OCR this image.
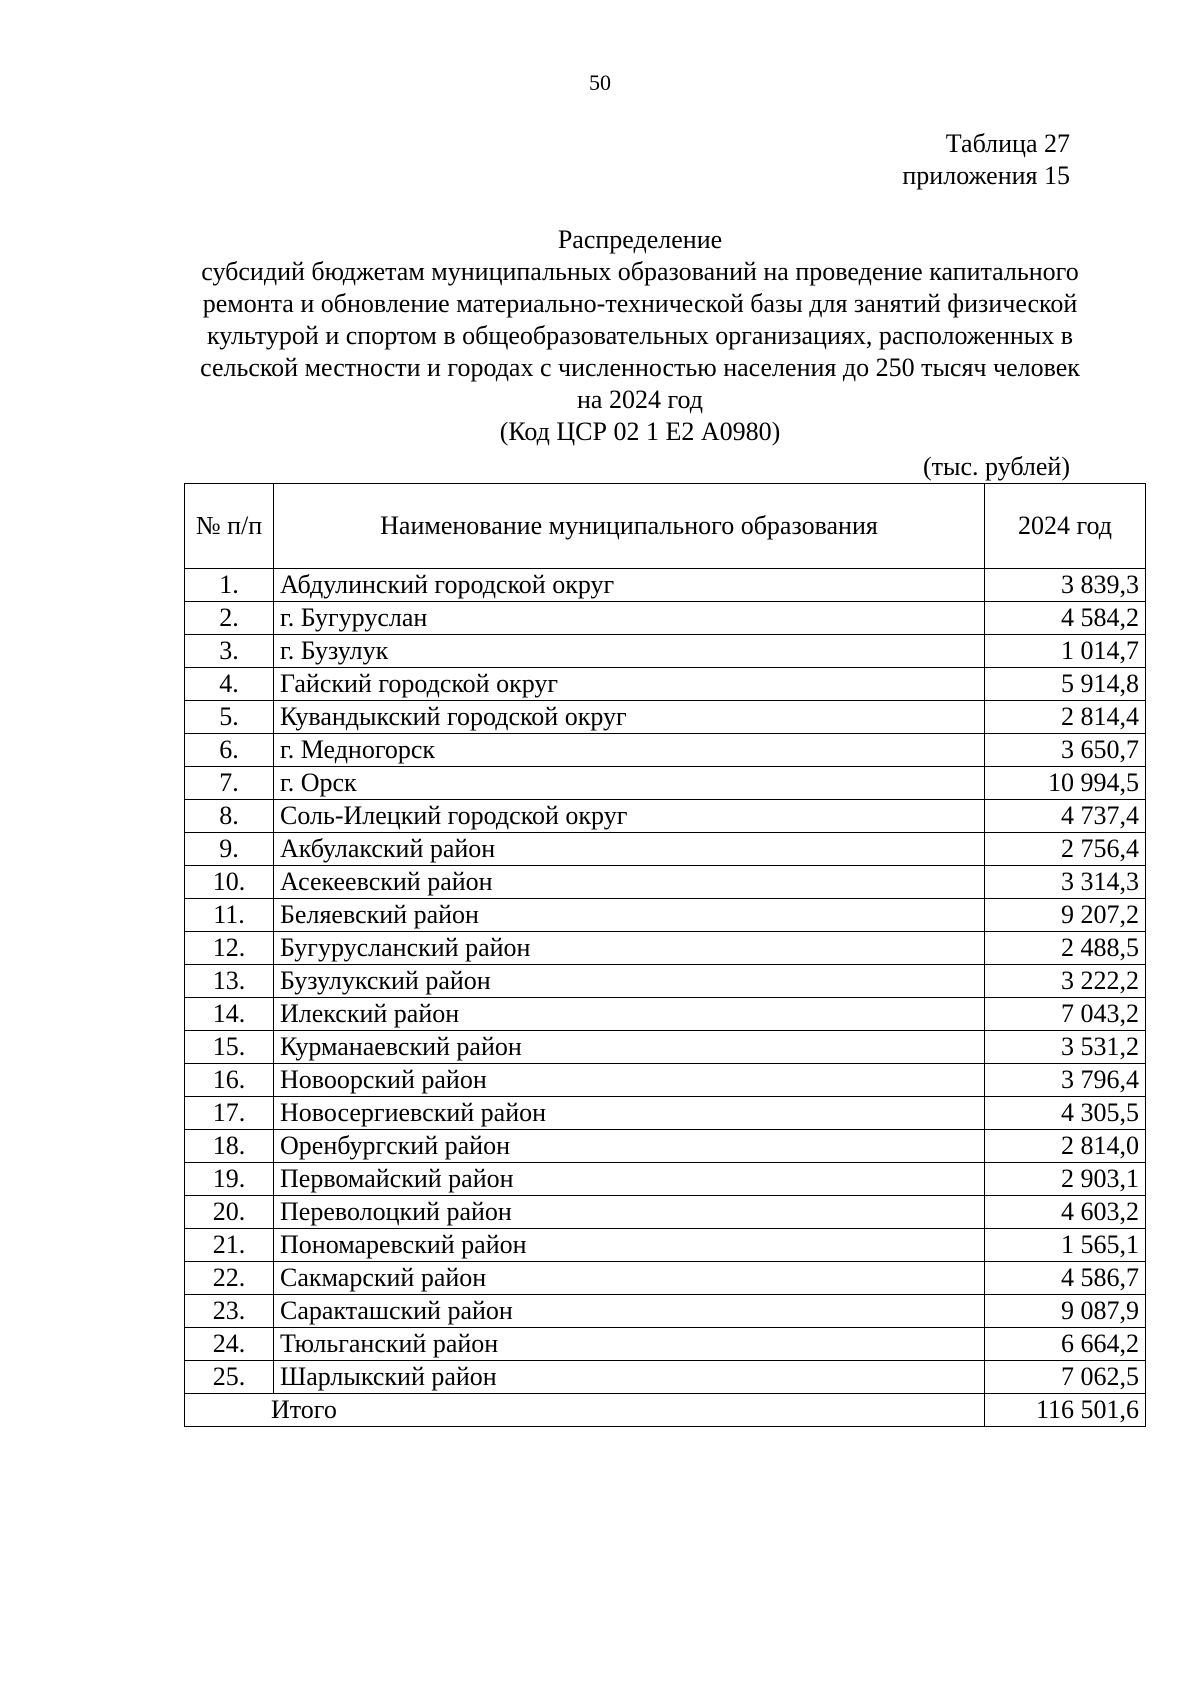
50
Таблица 27
приложения 15
Распределение
субсидий бюджетам муниципальных образований на проведение капитального
ремонта и обновление материально-технической базы для занятий физической
культурой и спортом в общеобразовательных организациях, расположенных в
сельской местности и городах с численностью населения до 250 тысяч человек
на 2024 год
(Код ЦСР 02 1 Е2 А0980)
(тыс. рублей)
№ п/п	Наименование муниципального образования	2024 год
1.	Абдулинский городской округ	3 839,3
2.	г. Бугуруслан	4 584,2
3.	г. Бузулук	1 014,7
4.	Гайский городской округ	5 914,8
5.	Кувандыкский городской округ	2 814,4
6.	г. Медногорск	3 650,7
7.	г. Орск	10 994,5
8.	Соль-Илецкий городской округ	4 737,4
9.	Акбулакский район	2 756,4
10.	Асекеевский район	3 314,3
11.	Беляевский район	9 207,2
12.	Бугурусланский район	2 488,5
13.	Бузулукский район	3 222,2
14.	Илекский район	7 043,2
15.	Курманаевский район	3 531,2
16.	Новоорский район	3 796,4
17.	Новосергиевский район	4 305,5
18.	Оренбургский район	2 814,0
19.	Первомайский район	2 903,1
20.	Переволоцкий район	4 603,2
21.	Пономаревский район	1 565,1
22.	Сакмарский район	4 586,7
23.	Саракташский район	9 087,9
24.	Тюльганский район	6 664,2
25.	Шарлыкский район	7 062,5
Итого		116 501,6
